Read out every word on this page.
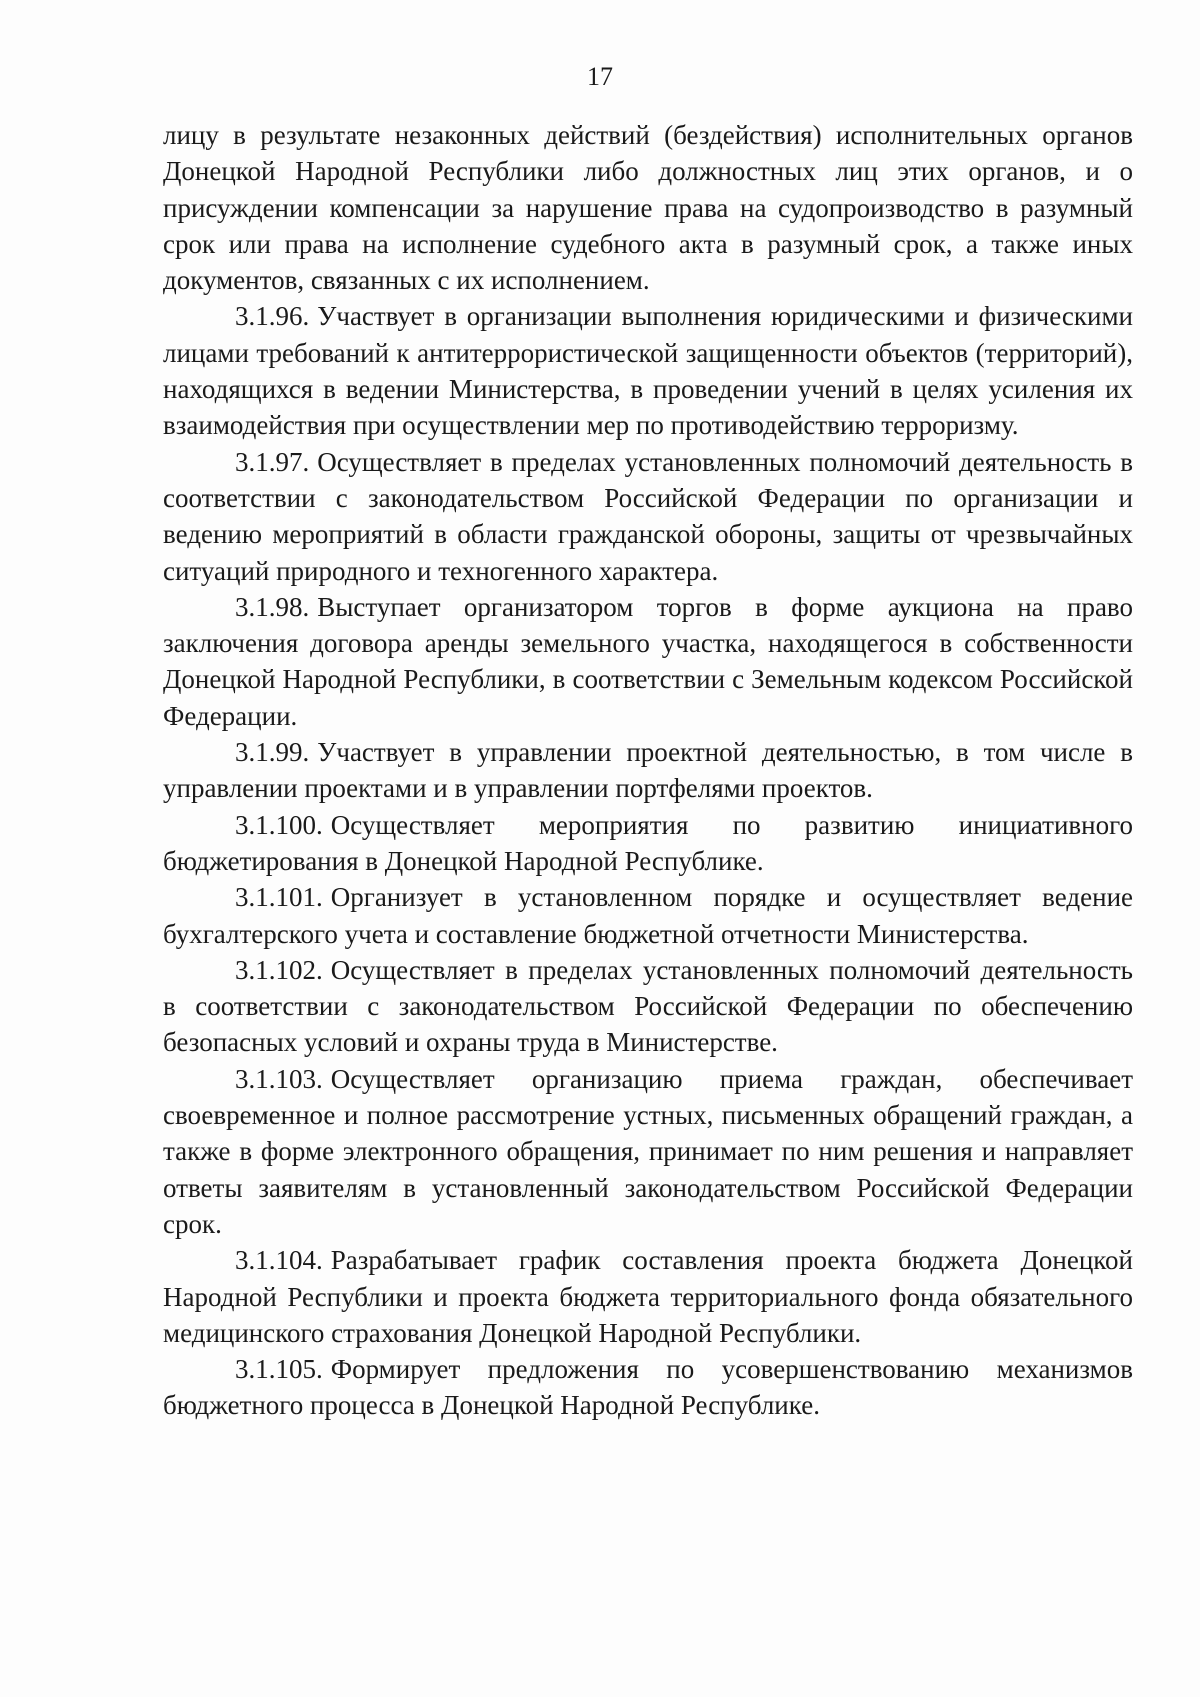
17

лицу в результате незаконных действий (бездействия) исполнительных органов Донецкой Народной Республики либо должностных лиц этих органов, и о присуждении компенсации за нарушение права на судопроизводство в разумный срок или права на исполнение судебного акта в разумный срок, а также иных документов, связанных с их исполнением.

3.1.96. Участвует в организации выполнения юридическими и физическими лицами требований к антитеррористической защищенности объектов (территорий), находящихся в ведении Министерства, в проведении учений в целях усиления их взаимодействия при осуществлении мер по противодействию терроризму.

3.1.97. Осуществляет в пределах установленных полномочий деятельность в соответствии с законодательством Российской Федерации по организации и ведению мероприятий в области гражданской обороны, защиты от чрезвычайных ситуаций природного и техногенного характера.

3.1.98. Выступает организатором торгов в форме аукциона на право заключения договора аренды земельного участка, находящегося в собственности Донецкой Народной Республики, в соответствии с Земельным кодексом Российской Федерации.

3.1.99. Участвует в управлении проектной деятельностью, в том числе в управлении проектами и в управлении портфелями проектов.

3.1.100. Осуществляет мероприятия по развитию инициативного бюджетирования в Донецкой Народной Республике.

3.1.101. Организует в установленном порядке и осуществляет ведение бухгалтерского учета и составление бюджетной отчетности Министерства.

3.1.102. Осуществляет в пределах установленных полномочий деятельность в соответствии с законодательством Российской Федерации по обеспечению безопасных условий и охраны труда в Министерстве.

3.1.103. Осуществляет организацию приема граждан, обеспечивает своевременное и полное рассмотрение устных, письменных обращений граждан, а также в форме электронного обращения, принимает по ним решения и направляет ответы заявителям в установленный законодательством Российской Федерации срок.

3.1.104. Разрабатывает график составления проекта бюджета Донецкой Народной Республики и проекта бюджета территориального фонда обязательного медицинского страхования Донецкой Народной Республики.

3.1.105. Формирует предложения по усовершенствованию механизмов бюджетного процесса в Донецкой Народной Республике.
